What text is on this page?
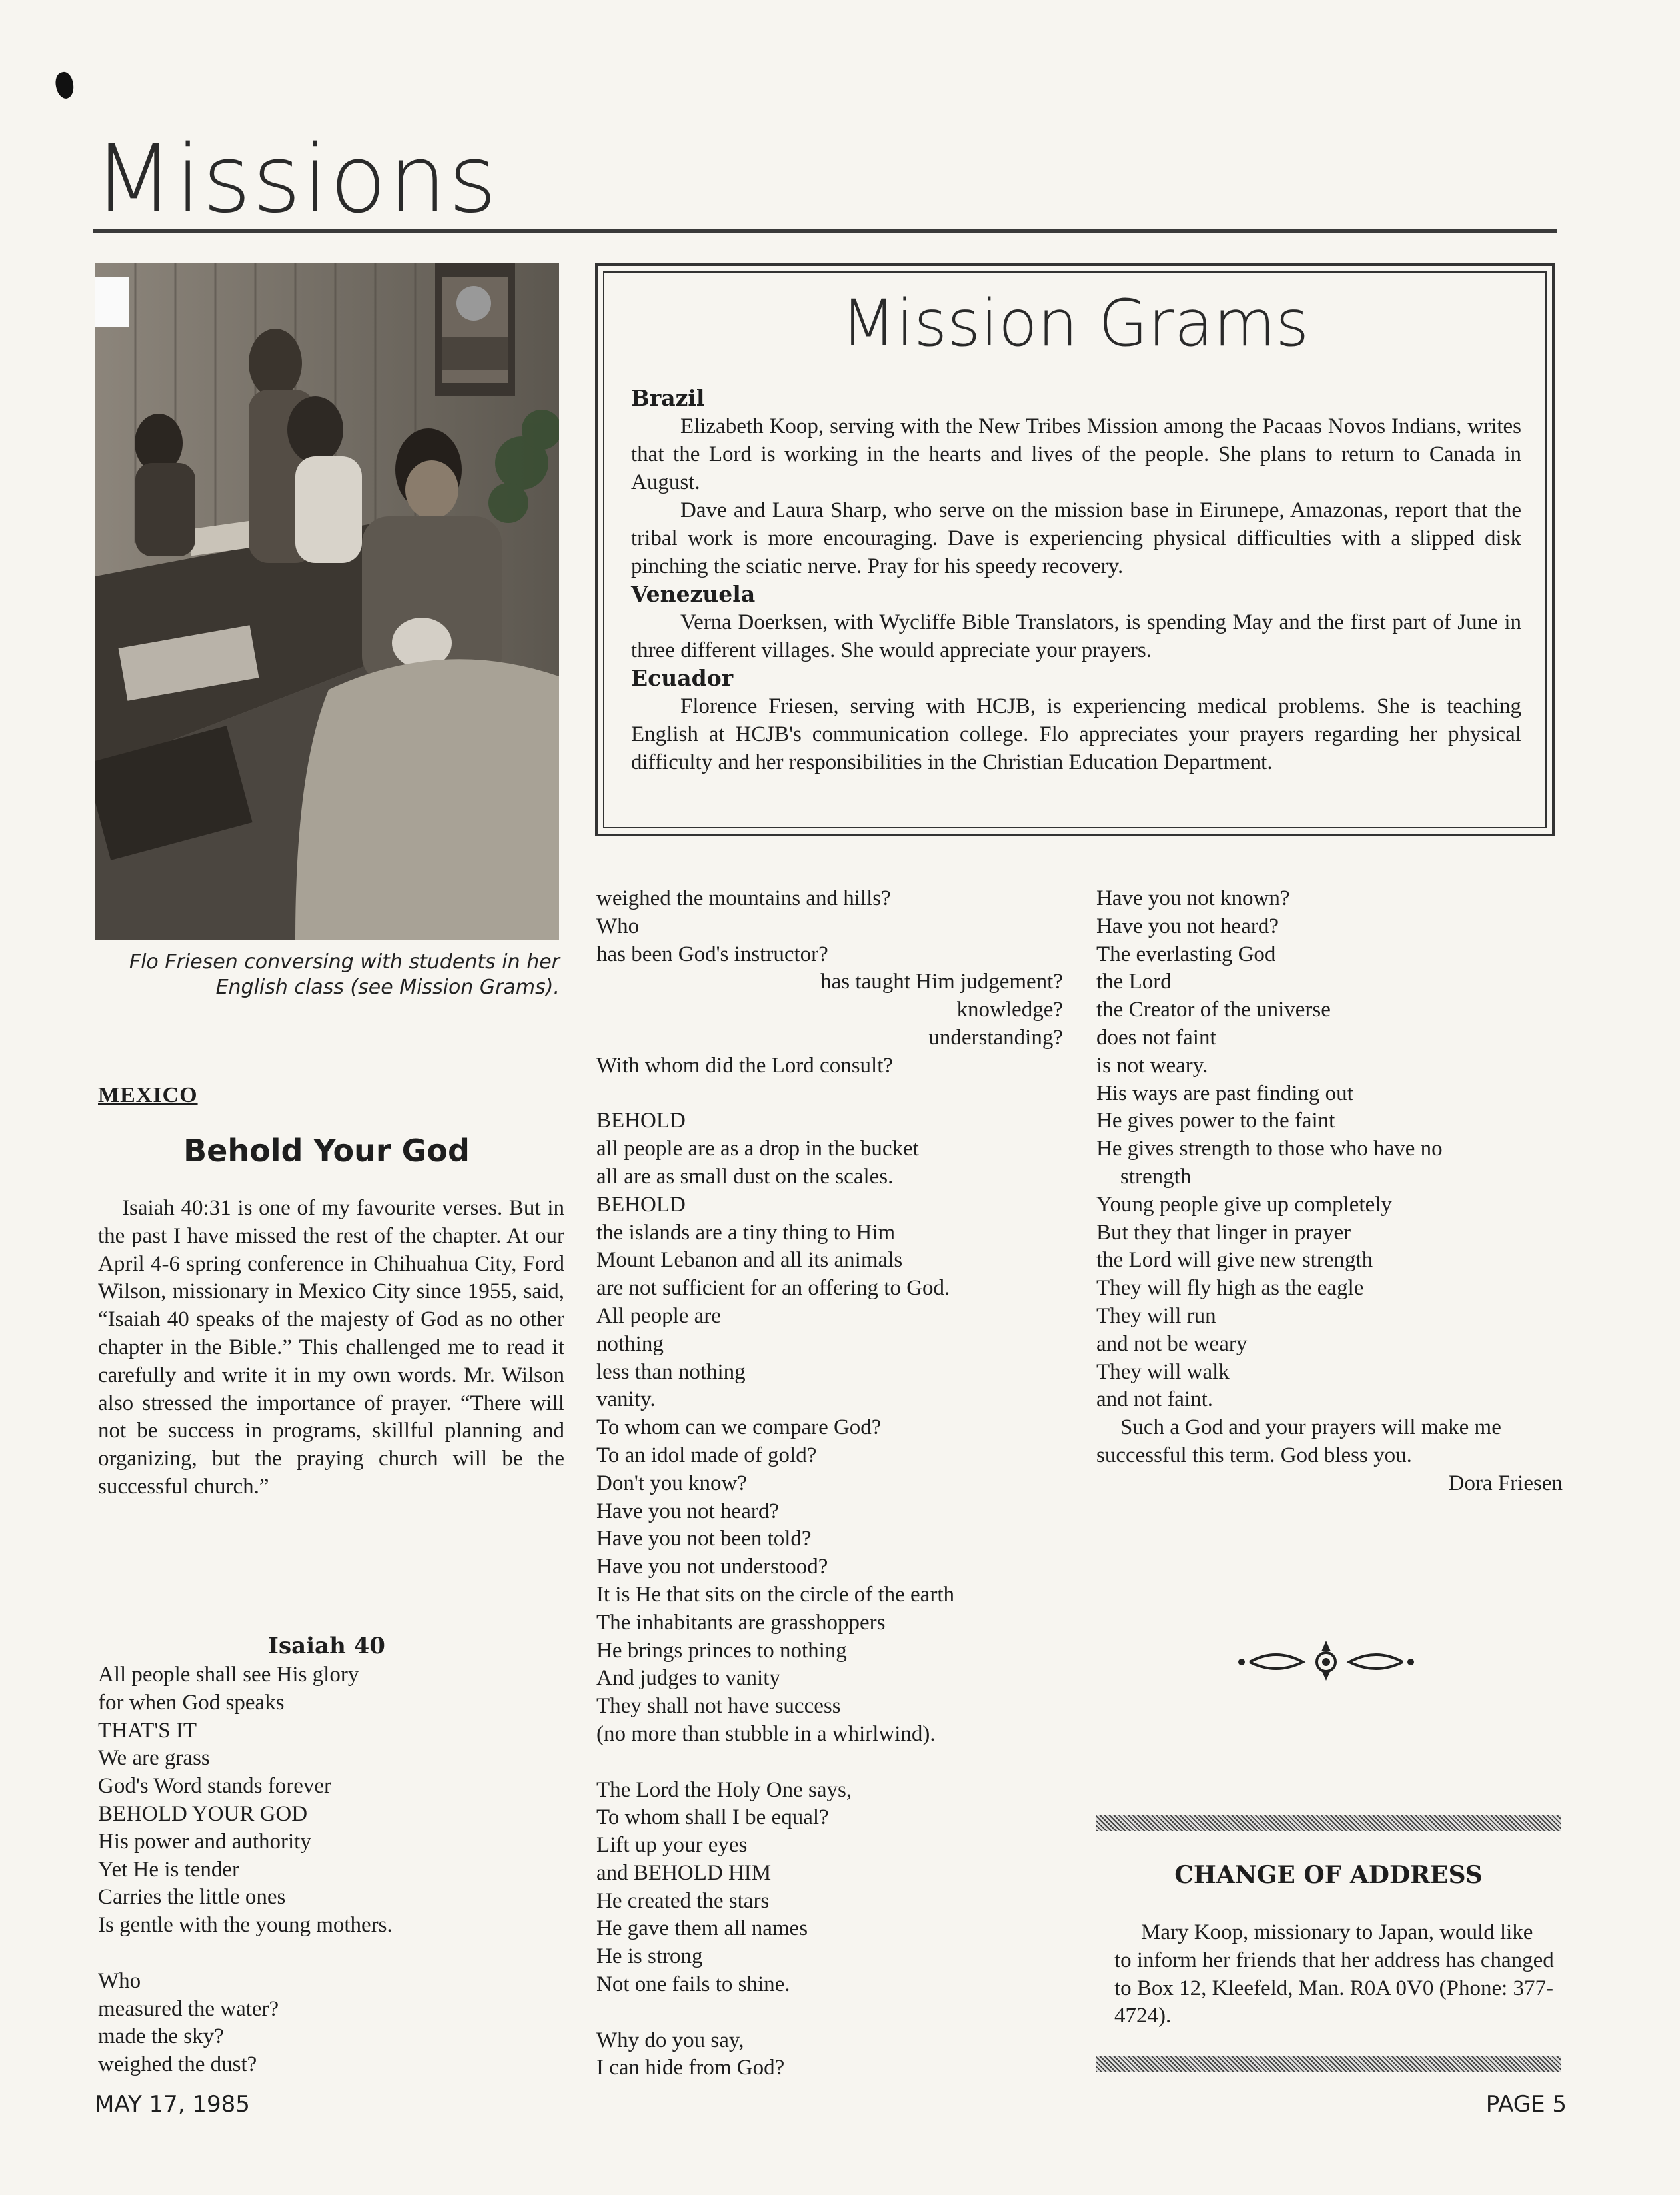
Missions
Flo Friesen conversing with students in her English class (see Mission Grams).
Mission Grams
Brazil

Elizabeth Koop, serving with the New Tribes Mission among the Pacaas Novos Indians, writes that the Lord is working in the hearts and lives of the people. She plans to return to Canada in August.

Dave and Laura Sharp, who serve on the mission base in Eirunepe, Amazonas, report that the tribal work is more encouraging. Dave is experiencing physical difficulties with a slipped disk pinching the sciatic nerve. Pray for his speedy recovery.

Venezuela

Verna Doerksen, with Wycliffe Bible Translators, is spending May and the first part of June in three different villages. She would appreciate your prayers.

Ecuador

Florence Friesen, serving with HCJB, is experiencing medical problems. She is teaching English at HCJB's communication college. Flo appreciates your prayers regarding her physical difficulty and her responsibilities in the Christian Education Department.

MEXICO
Behold Your God

Isaiah 40:31 is one of my favourite verses. But in the past I have missed the rest of the chapter. At our April 4-6 spring conference in Chihuahua City, Ford Wilson, missionary in Mexico City since 1955, said, “Isaiah 40 speaks of the majesty of God as no other chapter in the Bible.” This challenged me to read it carefully and write it in my own words. Mr. Wilson also stressed the importance of prayer. “There will not be success in programs, skillful planning and organizing, but the praying church will be the successful church.”

Isaiah 40
All people shall see His glory
for when God speaks
THAT'S IT
We are grass
God's Word stands forever
BEHOLD YOUR GOD
His power and authority
Yet He is tender
Carries the little ones
Is gentle with the young mothers.
Who
measured the water?
made the sky?
weighed the dust?
weighed the mountains and hills?
Who
has been God's instructor?
has taught Him judgement?
knowledge?
understanding?
With whom did the Lord consult?
BEHOLD
all people are as a drop in the bucket
all are as small dust on the scales.
BEHOLD
the islands are a tiny thing to Him
Mount Lebanon and all its animals
are not sufficient for an offering to God.
All people are
nothing
less than nothing
vanity.
To whom can we compare God?
To an idol made of gold?
Don't you know?
Have you not heard?
Have you not been told?
Have you not understood?
It is He that sits on the circle of the earth
The inhabitants are grasshoppers
He brings princes to nothing
And judges to vanity
They shall not have success
(no more than stubble in a whirlwind).
The Lord the Holy One says,
To whom shall I be equal?
Lift up your eyes
and BEHOLD HIM
He created the stars
He gave them all names
He is strong
Not one fails to shine.
Why do you say,
I can hide from God?
Have you not known?
Have you not heard?
The everlasting God
the Lord
the Creator of the universe
does not faint
is not weary.
His ways are past finding out
He gives power to the faint
He gives strength to those who have no
strength
Young people give up completely
But they that linger in prayer
the Lord will give new strength
They will fly high as the eagle
They will run
and not be weary
They will walk
and not faint.

Such a God and your prayers will make me successful this term. God bless you.

Dora Friesen
CHANGE OF ADDRESS

Mary Koop, missionary to Japan, would like to inform her friends that her address has changed to Box 12, Kleefeld, Man. R0A 0V0 (Phone: 377-4724).

MAY 17, 1985	PAGE 5
